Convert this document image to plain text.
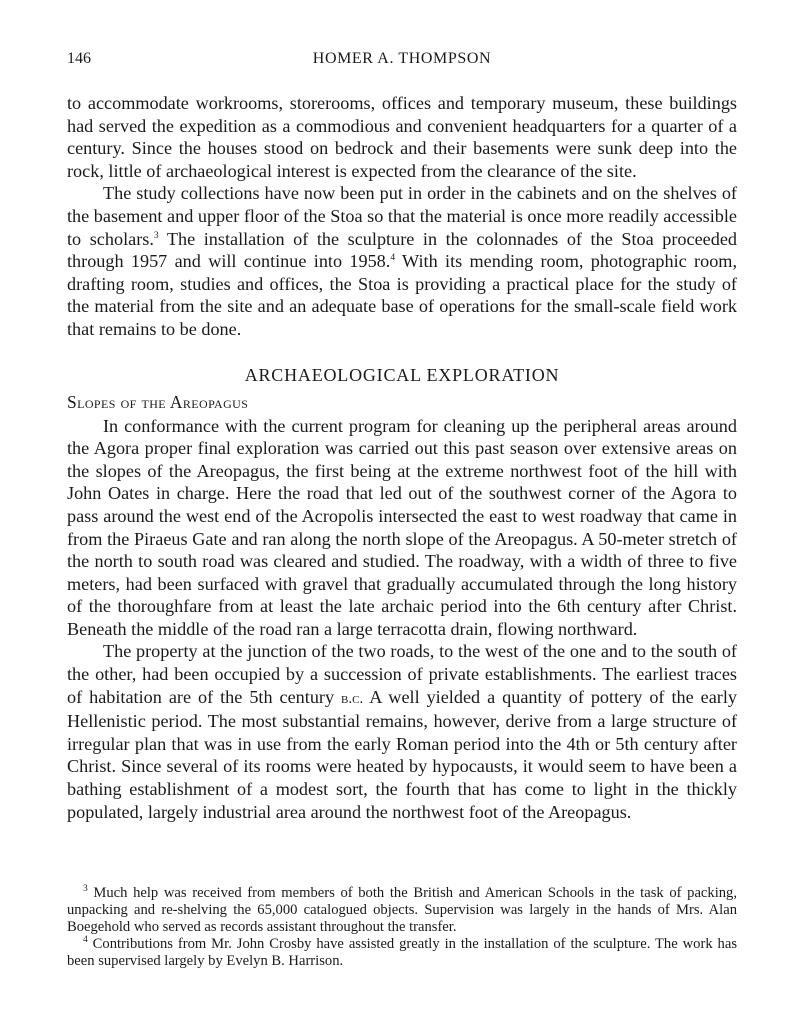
146	HOMER A. THOMPSON

to accommodate workrooms, storerooms, offices and temporary museum, these buildings had served the expedition as a commodious and convenient headquarters for a quarter of a century. Since the houses stood on bedrock and their basements were sunk deep into the rock, little of archaeological interest is expected from the clearance of the site.

The study collections have now been put in order in the cabinets and on the shelves of the basement and upper floor of the Stoa so that the material is once more readily accessible to scholars.$^3$ The installation of the sculpture in the colonnades of the Stoa proceeded through 1957 and will continue into 1958.$^4$ With its mending room, photographic room, drafting room, studies and offices, the Stoa is providing a practical place for the study of the material from the site and an adequate base of operations for the small-scale field work that remains to be done.

ARCHAEOLOGICAL EXPLORATION
Slopes of the Areopagus

In conformance with the current program for cleaning up the peripheral areas around the Agora proper final exploration was carried out this past season over extensive areas on the slopes of the Areopagus, the first being at the extreme northwest foot of the hill with John Oates in charge. Here the road that led out of the southwest corner of the Agora to pass around the west end of the Acropolis intersected the east to west roadway that came in from the Piraeus Gate and ran along the north slope of the Areopagus. A 50-meter stretch of the north to south road was cleared and studied. The roadway, with a width of three to five meters, had been surfaced with gravel that gradually accumulated through the long history of the thoroughfare from at least the late archaic period into the 6th century after Christ. Beneath the middle of the road ran a large terracotta drain, flowing northward.

The property at the junction of the two roads, to the west of the one and to the south of the other, had been occupied by a succession of private establishments. The earliest traces of habitation are of the 5th century b.c. A well yielded a quantity of pottery of the early Hellenistic period. The most substantial remains, however, derive from a large structure of irregular plan that was in use from the early Roman period into the 4th or 5th century after Christ. Since several of its rooms were heated by hypocausts, it would seem to have been a bathing establishment of a modest sort, the fourth that has come to light in the thickly populated, largely industrial area around the northwest foot of the Areopagus.

$^3$ Much help was received from members of both the British and American Schools in the task of packing, unpacking and re-shelving the 65,000 catalogued objects. Supervision was largely in the hands of Mrs. Alan Boegehold who served as records assistant throughout the transfer.

$^4$ Contributions from Mr. John Crosby have assisted greatly in the installation of the sculpture. The work has been supervised largely by Evelyn B. Harrison.
